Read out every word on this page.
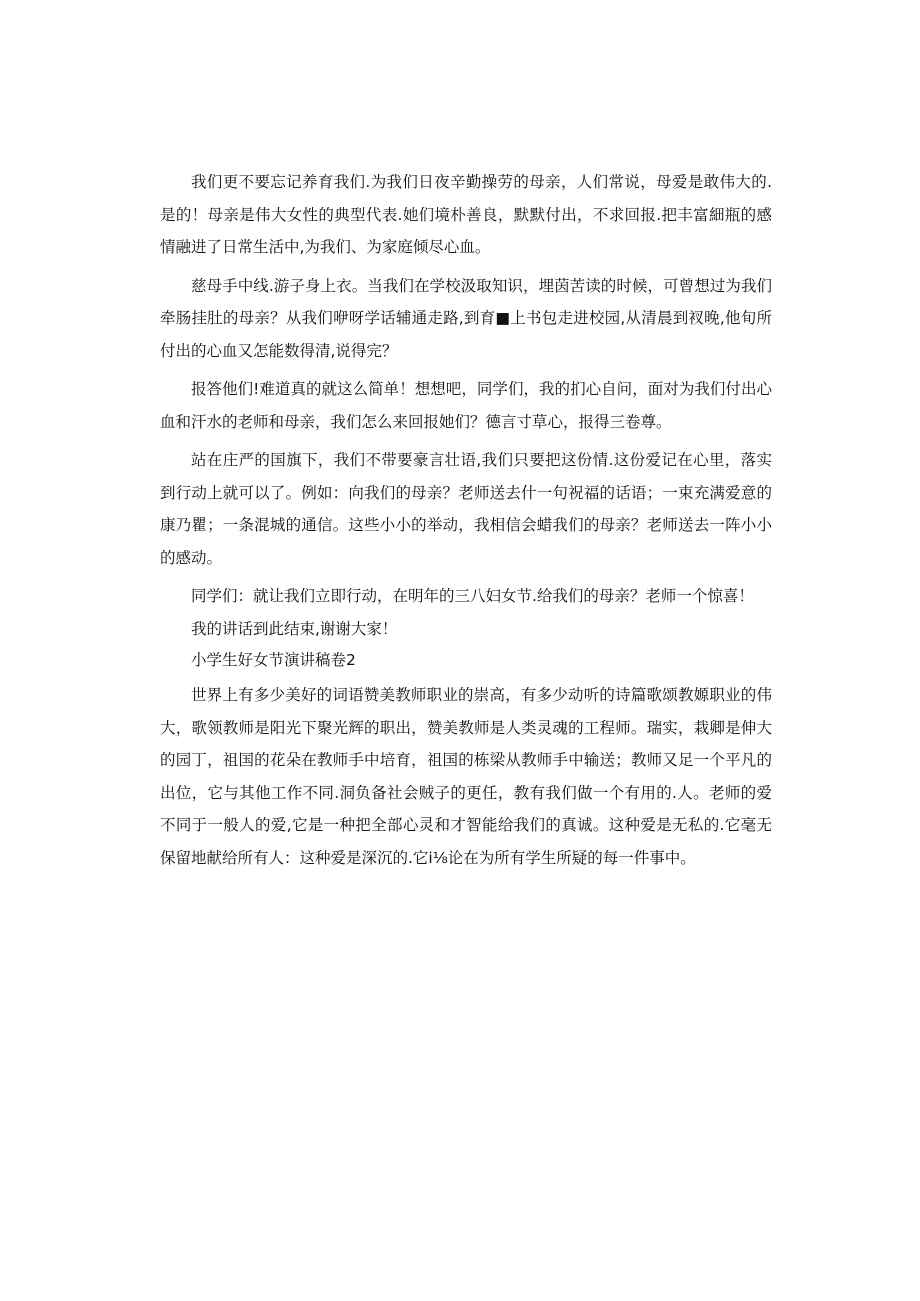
我们更不要忘记养育我们.为我们日夜辛勤操劳的母亲，人们常说，母爱是敢伟大的.是的！母亲是伟大女性的典型代表.她们境朴善良，默默付出，不求回报.把丰富細瓶的感情融进了日常生活中,为我们、为家庭倾尽心血。

慈母手中线.游子身上衣。当我们在学校汲取知识，埋茵苦读的时候，可曾想过为我们牵肠挂肚的母亲？从我们咿呀学话辅通走路,到育■上书包走进校园,从清晨到衩晚,他旬所付出的心血又怎能数得清,说得完？

报答他们!难道真的就这么简单！想想吧，同学们，我的扪心自问，面对为我们付出心血和汗水的老师和母亲，我们怎么来回报她们？德言寸草心，报得三卷尊。

站在庄严的国旗下，我们不带要豪言壮语,我们只要把这份情.这份爱记在心里，落实到行动上就可以了。例如：向我们的母亲？老师送去什一句祝福的话语；一束充满爱意的康乃瞿；一条混城的通信。这些小小的举动，我相信会蜡我们的母亲？老师送去一阵小小的感动。

同学们：就让我们立即行动，在明年的三八妇女节.给我们的母亲？老师一个惊喜！

我的讲话到此结束,谢谢大家！

小学生好女节演讲稿卷2

世界上有多少美好的词语赞美教师职业的崇高，有多少动听的诗篇歌颂教嫄职业的伟大，歌领教师是阳光下聚光辉的职出，赞美教师是人类灵魂的工程师。瑞实，栽卿是伸大的园丁，祖国的花朵在教师手中培育，祖国的栋梁从教师手中输送；教师又足一个平凡的出位，它与其他工作不同.洞负备社会贼子的更任，教有我们做一个有用的.人。老师的爱不同于一般人的爱,它是一种把全部心灵和才智能给我们的真诚。这种爱是无私的.它毫无保留地献给所有人：这种爱是深沉的.它i⅛论在为所有学生所疑的每一件事中。
